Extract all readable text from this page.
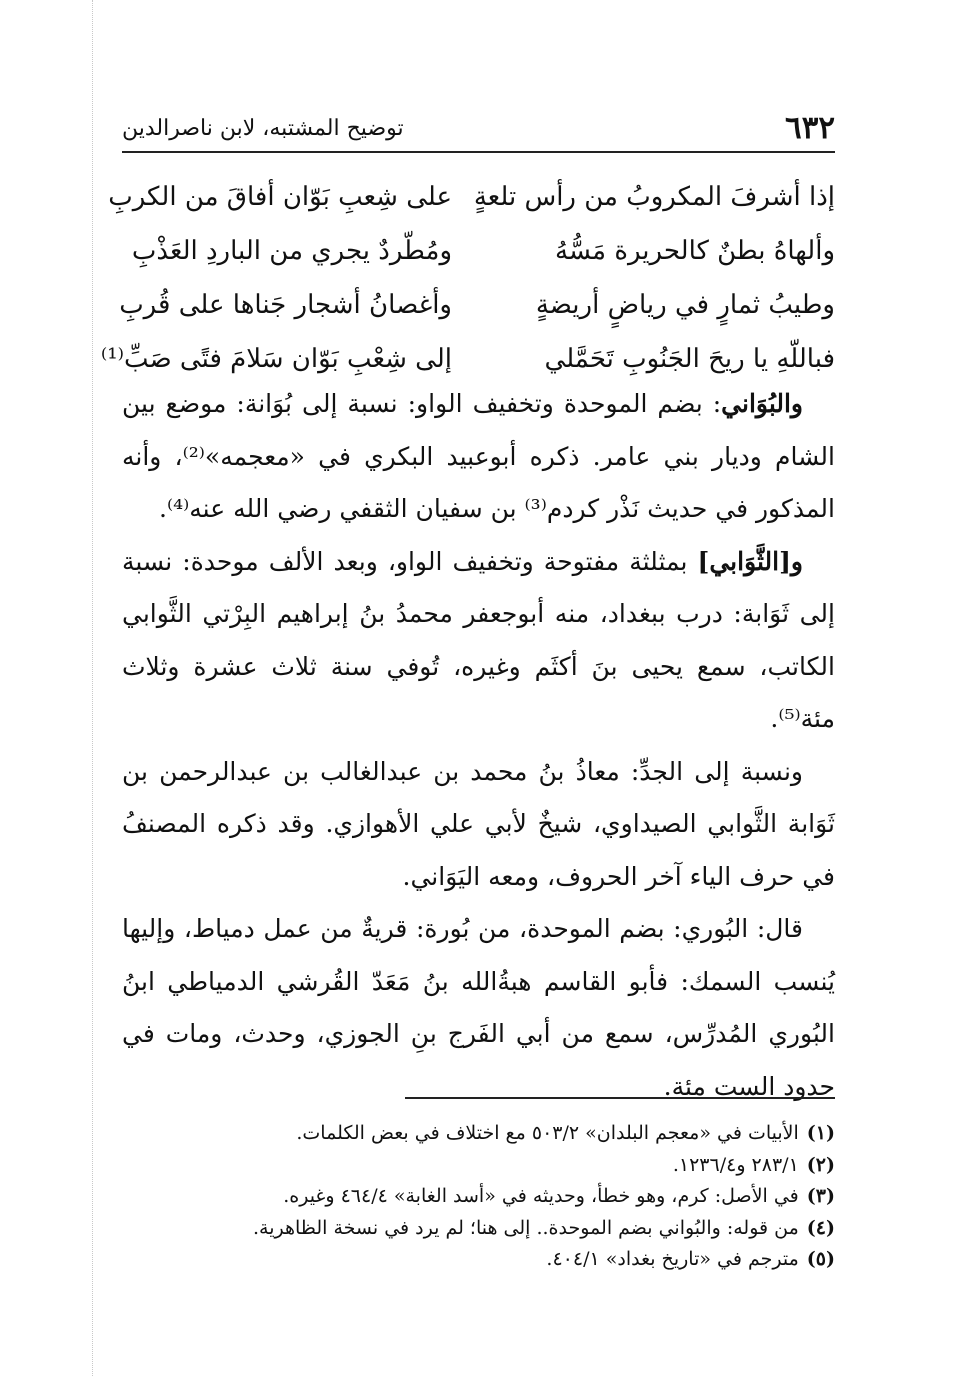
٦٣٢
توضيح المشتبه، لابن ناصرالدين
إذا أشرفَ المكروبُ من رأس تلعةٍ
على شِعبِ بَوّان أفاقَ من الكربِ
وألهاهُ بطنٌ كالحريرة مَسُّهُ
ومُطّردٌ يجري من الباردِ العَذْبِ
وطيبُ ثمارٍ في رياضٍ أريضةٍ
وأغصانُ أشجار جَناها على قُربِ
فباللّهِ يا ريحَ الجَنُوبِ تَحَمَّلي
إلى شِعْبِ بَوّان سَلامَ فتًى صَبِّ⁽¹⁾

والبُوَاني: بضم الموحدة وتخفيف الواو: نسبة إلى بُوَانة: موضع بين الشام وديار بني عامر. ذكره أبوعبيد البكري في «معجمه»⁽²⁾، وأنه المذكور في حديث نَذْر كردم⁽³⁾ بن سفيان الثقفي رضي الله عنه⁽⁴⁾.

و[الثَّوَابي] بمثلثة مفتوحة وتخفيف الواو، وبعد الألف موحدة: نسبة إلى ثَوَابة: درب ببغداد، منه أبوجعفر محمدُ بنُ إبراهيم البِرْتي الثَّوابي الكاتب، سمع يحيى بنَ أكثَم وغيره، تُوفي سنة ثلاث عشرة وثلاث مئة⁽⁵⁾.

ونسبة إلى الجدِّ: معاذُ بنُ محمد بن عبدالغالب بن عبدالرحمن بن ثَوَابة الثَّوابي الصيداوي، شيخٌ لأبي علي الأهوازي. وقد ذكره المصنفُ في حرف الياء آخر الحروف، ومعه اليَوَاني.

قال: البُوري: بضم الموحدة، من بُورة: قريةٌ من عمل دمياط، وإليها يُنسب السمك: فأبو القاسم هبةُالله بنُ مَعَدّ القُرشي الدمياطي ابنُ البُوري المُدرِّس، سمع من أبي الفَرج بنِ الجوزي، وحدث، ومات في حدود الست مئة.

(١)الأبيات في «معجم البلدان» ٥٠٣/٢ مع اختلاف في بعض الكلمات.

(٢)٢٨٣/١ و١٢٣٦/٤.

(٣)في الأصل: كرم، وهو خطأ، وحديثه في «أسد الغابة» ٤٦٤/٤ وغيره.

(٤)من قوله: والبُواني بضم الموحدة.. إلى هنا؛ لم يرد في نسخة الظاهرية.

(٥)مترجم في «تاريخ بغداد» ٤٠٤/١.
